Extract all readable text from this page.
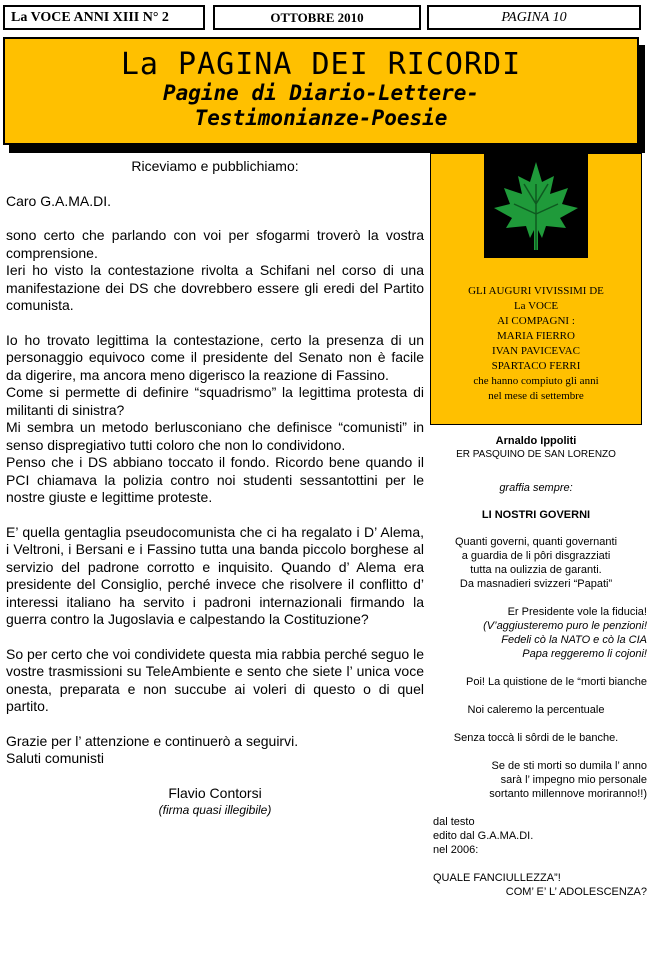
La VOCE ANNI XIII N° 2	OTTOBRE 2010	PAGINA 10
La PAGINA DEI RICORDI
Pagine di Diario-Lettere-
Testimonianze-Poesie

Riceviamo e pubblichiamo:

Caro G.A.MA.DI.

sono certo che parlando con voi per sfogarmi troverò la vostra comprensione.

Ieri ho visto la contestazione rivolta a Schifani nel corso di una manifestazione dei DS che dovrebbero essere gli eredi del Partito comunista.

Io ho trovato legittima la contestazione, certo la presenza di un personaggio equivoco come il presidente del Senato non è facile da digerire, ma ancora meno digerisco la reazione di Fassino.

Come si permette di definire “squadrismo” la legittima protesta di militanti di sinistra?

Mi sembra un metodo berlusconiano che definisce “comunisti” in senso dispregiativo tutti coloro che non lo condividono.

Penso che i DS abbiano toccato il fondo. Ricordo bene quando il PCI chiamava la polizia contro noi studenti sessantottini per le nostre giuste e legittime proteste.

E’ quella gentaglia pseudocomunista che ci ha regalato i D’ Alema, i Veltroni, i Bersani e i Fassino tutta una banda piccolo borghese al servizio del padrone corrotto e inquisito. Quando d’ Alema era presidente del Consiglio, perché invece che risolvere il conflitto d’ interessi italiano ha servito i padroni internazionali firmando la guerra contro la Jugoslavia e calpestando la Costituzione?

So per certo che voi condividete questa mia rabbia perché seguo le vostre trasmissioni su TeleAmbiente e sento che siete l’ unica voce onesta, preparata e non succube ai voleri di questo o di quel partito.

Grazie per l’ attenzione e continuerò a seguirvi.

Saluti comunisti

Flavio Contorsi

(firma quasi illegibile)

GLI AUGURI VIVISSIMI DE
La VOCE
AI COMPAGNI :
MARIA FIERRO
IVAN PAVICEVAC
SPARTACO FERRI
che hanno compiuto gli anni
nel mese di settembre

Arnaldo Ippoliti

ER PASQUINO DE SAN LORENZO

graffia sempre:

LI NOSTRI GOVERNI

Quanti governi, quanti governanti

a guardia de li pôri disgrazziati

tutta na oulizzia de garanti.

Da masnadieri svizzeri “Papati”

Er Presidente vole la fiducia!

(V’aggiusteremo puro le penzioni!

Fedeli cò la NATO e cò la CIA

Papa reggeremo li cojoni!

Poi! La quistione de le “morti bianche

Noi caleremo la percentuale

Senza toccà li sôrdi de le banche.

Se de sti morti so dumila l’ anno

sarà l’ impegno mio personale

sortanto millennove moriranno!!)

dal testo

edito dal G.A.MA.DI.

nel 2006:

QUALE FANCIULLEZZA”!

COM’ E’ L’ ADOLESCENZA?
